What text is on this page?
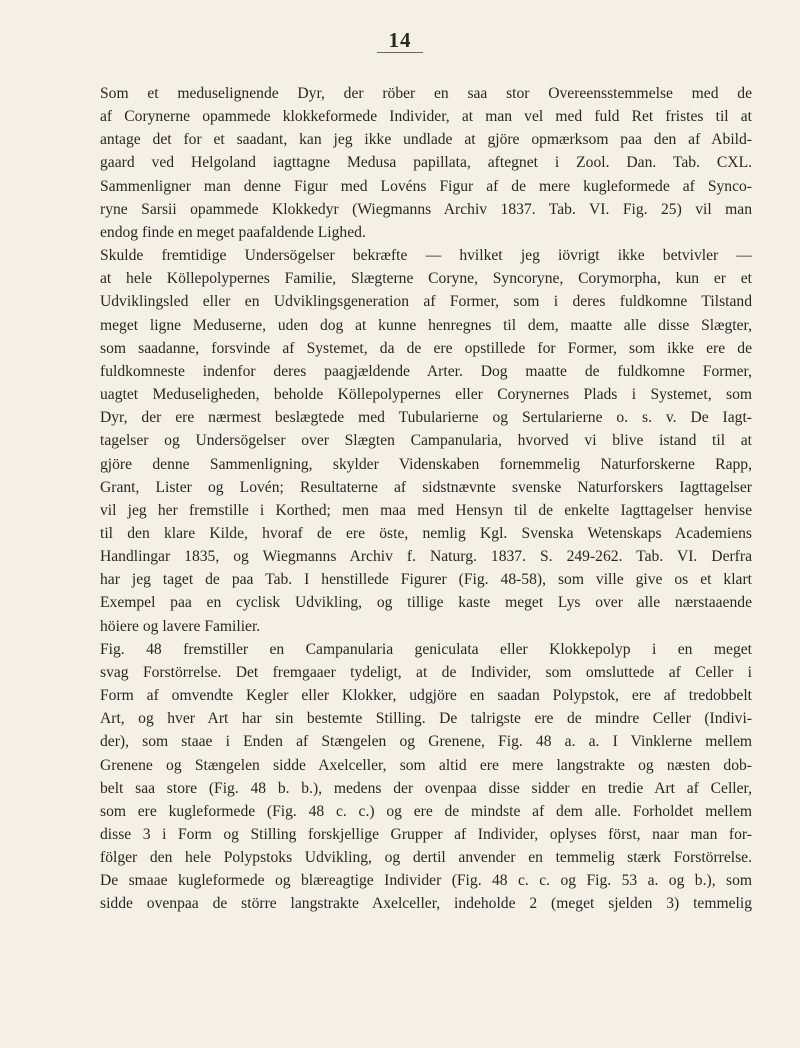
14

Som et meduselignende Dyr, der röber en saa stor Overeensstemmelse med de
af Corynerne opammede klokkeformede Individer, at man vel med fuld Ret fristes til at
antage det for et saadant, kan jeg ikke undlade at gjöre opmærksom paa den af Abild-
gaard ved Helgoland iagttagne Medusa papillata, aftegnet i Zool. Dan. Tab. CXL.
Sammenligner man denne Figur med Lovéns Figur af de mere kugleformede af Synco-
ryne Sarsii opammede Klokkedyr (Wiegmanns Archiv 1837. Tab. VI. Fig. 25) vil man
endog finde en meget paafaldende Lighed.

Skulde fremtidige Undersögelser bekræfte — hvilket jeg iövrigt ikke betvivler —
at hele Köllepolypernes Familie, Slægterne Coryne, Syncoryne, Corymorpha, kun er et
Udviklingsled eller en Udviklingsgeneration af Former, som i deres fuldkomne Tilstand
meget ligne Meduserne, uden dog at kunne henregnes til dem, maatte alle disse Slægter,
som saadanne, forsvinde af Systemet, da de ere opstillede for Former, som ikke ere de
fuldkomneste indenfor deres paagjældende Arter. Dog maatte de fuldkomne Former,
uagtet Meduseligheden, beholde Köllepolypernes eller Corynernes Plads i Systemet, som
Dyr, der ere nærmest beslægtede med Tubularierne og Sertularierne o. s. v. De Iagt-
tagelser og Undersögelser over Slægten Campanularia, hvorved vi blive istand til at
gjöre denne Sammenligning, skylder Videnskaben fornemmelig Naturforskerne Rapp,
Grant, Lister og Lovén; Resultaterne af sidstnævnte svenske Naturforskers Iagttagelser
vil jeg her fremstille i Korthed; men maa med Hensyn til de enkelte Iagttagelser henvise
til den klare Kilde, hvoraf de ere öste, nemlig Kgl. Svenska Wetenskaps Academiens
Handlingar 1835, og Wiegmanns Archiv f. Naturg. 1837. S. 249-262. Tab. VI. Derfra
har jeg taget de paa Tab. I henstillede Figurer (Fig. 48-58), som ville give os et klart
Exempel paa en cyclisk Udvikling, og tillige kaste meget Lys over alle nærstaaende
höiere og lavere Familier.

Fig. 48 fremstiller en Campanularia geniculata eller Klokkepolyp i en meget
svag Forstörrelse. Det fremgaaer tydeligt, at de Individer, som omsluttede af Celler i
Form af omvendte Kegler eller Klokker, udgjöre en saadan Polypstok, ere af tredobbelt
Art, og hver Art har sin bestemte Stilling. De talrigste ere de mindre Celler (Indivi-
der), som staae i Enden af Stængelen og Grenene, Fig. 48 a. a. I Vinklerne mellem
Grenene og Stængelen sidde Axelceller, som altid ere mere langstrakte og næsten dob-
belt saa store (Fig. 48 b. b.), medens der ovenpaa disse sidder en tredie Art af Celler,
som ere kugleformede (Fig. 48 c. c.) og ere de mindste af dem alle. Forholdet mellem
disse 3 i Form og Stilling forskjellige Grupper af Individer, oplyses först, naar man for-
fölger den hele Polypstoks Udvikling, og dertil anvender en temmelig stærk Forstörrelse.
De smaae kugleformede og blæreagtige Individer (Fig. 48 c. c. og Fig. 53 a. og b.), som
sidde ovenpaa de större langstrakte Axelceller, indeholde 2 (meget sjelden 3) temmelig
